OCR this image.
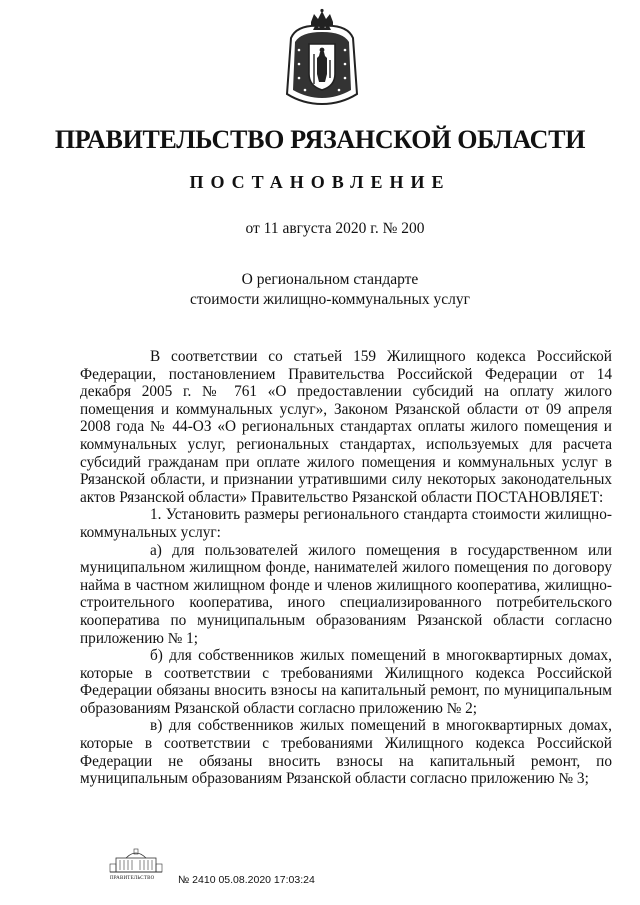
ПРАВИТЕЛЬСТВО РЯЗАНСКОЙ ОБЛАСТИ
ПОСТАНОВЛЕНИЕ
от 11 августа 2020 г. № 200
О региональном стандарте
стоимости жилищно-коммунальных услуг

В соответствии со статьей 159 Жилищного кодекса Российской Федерации, постановлением Правительства Российской Федерации от 14 декабря 2005 г. № 761 «О предоставлении субсидий на оплату жилого помещения и коммунальных услуг», Законом Рязанской области от 09 апреля 2008 года № 44-ОЗ «О региональных стандартах оплаты жилого помещения и коммунальных услуг, региональных стандартах, используемых для расчета субсидий гражданам при оплате жилого помещения и коммунальных услуг в Рязанской области, и признании утратившими силу некоторых законодательных актов Рязанской области» Правительство Рязанской области ПОСТАНОВЛЯЕТ:

1. Установить размеры регионального стандарта стоимости жилищно-коммунальных услуг:

а) для пользователей жилого помещения в государственном или муниципальном жилищном фонде, нанимателей жилого помещения по договору найма в частном жилищном фонде и членов жилищного кооператива, жилищно-строительного кооператива, иного специализированного потребительского кооператива по муниципальным образованиям Рязанской области согласно приложению № 1;

б) для собственников жилых помещений в многоквартирных домах, которые в соответствии с требованиями Жилищного кодекса Российской Федерации обязаны вносить взносы на капитальный ремонт, по муниципальным образованиям Рязанской области согласно приложению № 2;

в) для собственников жилых помещений в многоквартирных домах, которые в соответствии с требованиями Жилищного кодекса Российской Федерации не обязаны вносить взносы на капитальный ремонт, по муниципальным образованиям Рязанской области согласно приложению № 3;

ПРАВИТЕЛЬСТВО № 2410 05.08.2020 17:03:24
